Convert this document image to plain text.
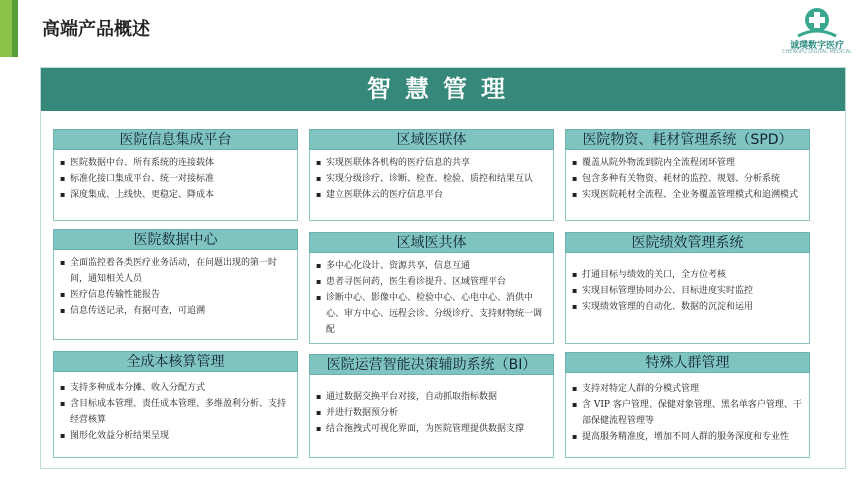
高端产品概述
诚璞数字医疗
CHENGPU DIGITAL MEDICAL
智慧管理
医院信息集成平台
▪ 医院数据中台、所有系统的连接载体
▪ 标准化接口集成平台、统一对接标准
▪ 深度集成、上线快、更稳定、降成本
区域医联体
▪ 实现医联体各机构的医疗信息的共享
▪ 实现分级诊疗、诊断、检查、检验、质控和结果互认
▪ 建立医联体云的医疗信息平台
医院物资、耗材管理系统（SPD）
▪ 覆盖从院外物流到院内全流程闭环管理
▪ 包含多种有关物资、耗材的监控、规划、分析系统
▪ 实现医院耗材全流程、全业务覆盖管理模式和追溯模式
医院数据中心
▪ 全面监控着各类医疗业务活动，在问题出现的第一时间，通知相关人员
▪ 医疗信息传输性能报告
▪ 信息传送记录，有据可查，可追溯
区域医共体
▪ 多中心化设计、资源共享，信息互通
▪ 患者寻医问药，医生看诊提升、区域管理平台
▪ 诊断中心、影像中心、检验中心、心电中心、消供中心、审方中心、远程会诊、分级诊疗、支持财物统一调配
医院绩效管理系统
▪ 打通目标与绩效的关口，全方位考核
▪ 实现目标管理协同办公、目标进度实时监控
▪ 实现绩效管理的自动化、数据的沉淀和运用
全成本核算管理
▪ 支持多种成本分摊、收入分配方式
▪ 含目标成本管理、责任成本管理、多维盈利分析、支持经营核算
▪ 图形化效益分析结果呈现
医院运营智能决策辅助系统（BI）
▪ 通过数据交换平台对接，自动抓取指标数据
▪ 并进行数据预分析
▪ 结合拖拽式可视化界面，为医院管理提供数据支撑
特殊人群管理
▪ 支持对特定人群的分模式管理
▪ 含 VIP 客户管理、保健对象管理、黑名单客户管理、干部保健流程管理等
▪ 提高服务精准度，增加不同人群的服务深度和专业性
